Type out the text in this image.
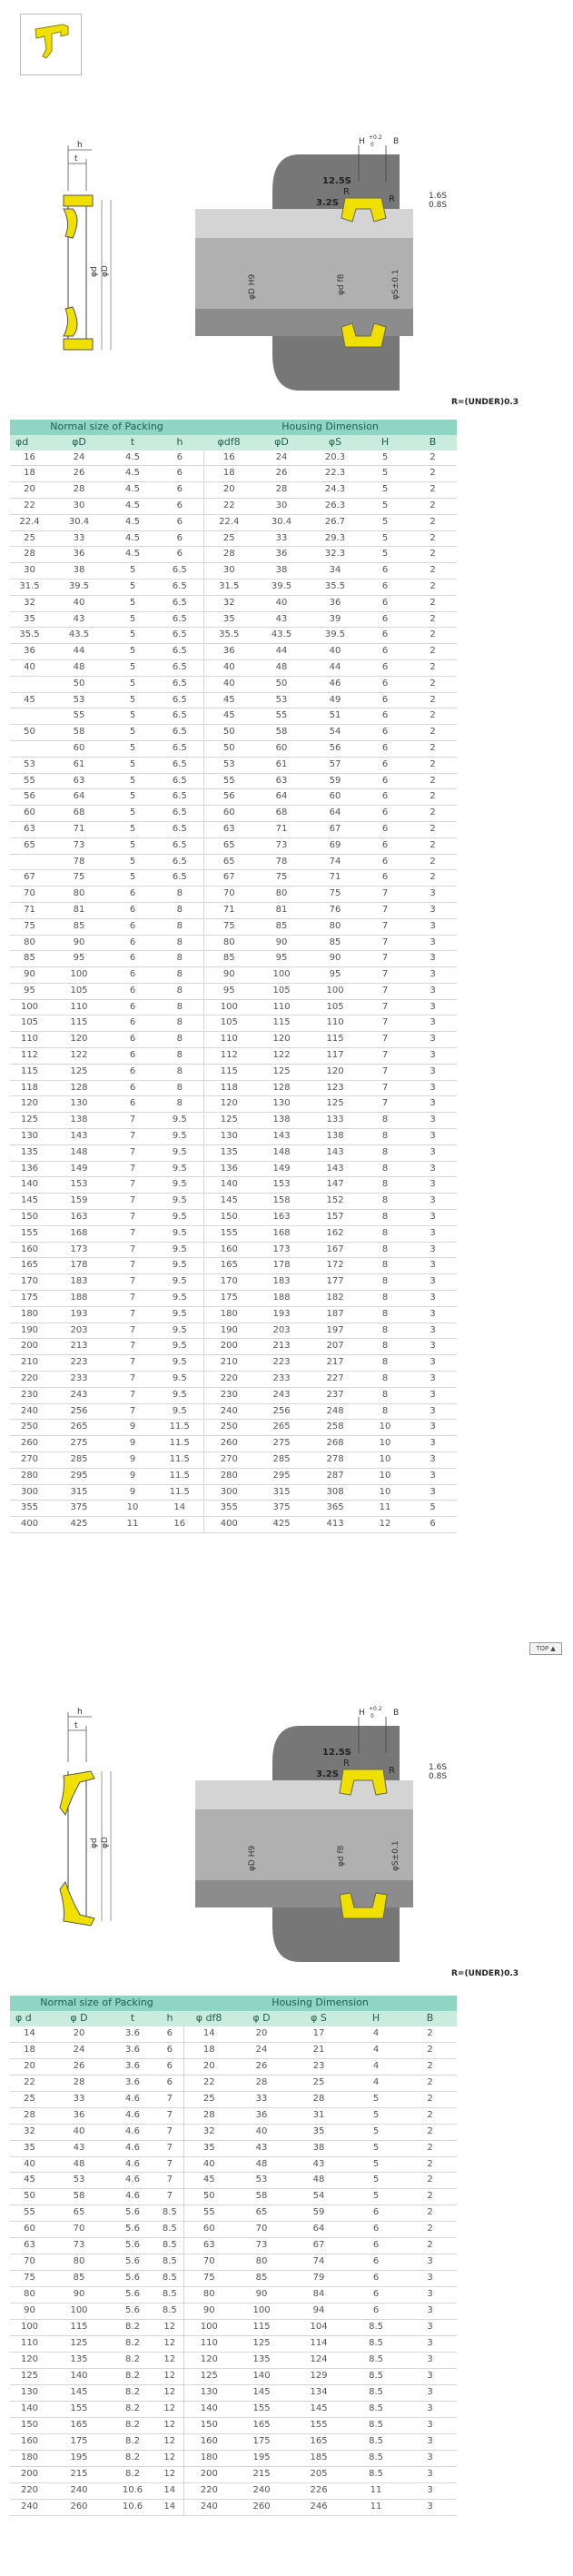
h
t
φd φD
H +0.2
0 B
12.5S
3.2S
R
R	1.6S
0.8S
φD H9	φd f8	φS±0.1
R=(UNDER)0.3
Normal size of Packing				Housing Dimension				
φd	φD	t	h	φdf8	φD	φS	H	B
16	24	4.5	6	16	24	20.3	5	2
18	26	4.5	6	18	26	22.3	5	2
20	28	4.5	6	20	28	24.3	5	2
22	30	4.5	6	22	30	26.3	5	2
22.4	30.4	4.5	6	22.4	30.4	26.7	5	2
25	33	4.5	6	25	33	29.3	5	2
28	36	4.5	6	28	36	32.3	5	2
30	38	5	6.5	30	38	34	6	2
31.5	39.5	5	6.5	31.5	39.5	35.5	6	2
32	40	5	6.5	32	40	36	6	2
35	43	5	6.5	35	43	39	6	2
35.5	43.5	5	6.5	35.5	43.5	39.5	6	2
36	44	5	6.5	36	44	40	6	2
40	48	5	6.5	40	48	44	6	2
	50	5	6.5	40	50	46	6	2
45	53	5	6.5	45	53	49	6	2
	55	5	6.5	45	55	51	6	2
50	58	5	6.5	50	58	54	6	2
	60	5	6.5	50	60	56	6	2
53	61	5	6.5	53	61	57	6	2
55	63	5	6.5	55	63	59	6	2
56	64	5	6.5	56	64	60	6	2
60	68	5	6.5	60	68	64	6	2
63	71	5	6.5	63	71	67	6	2
65	73	5	6.5	65	73	69	6	2
	78	5	6.5	65	78	74	6	2
67	75	5	6.5	67	75	71	6	2
70	80	6	8	70	80	75	7	3
71	81	6	8	71	81	76	7	3
75	85	6	8	75	85	80	7	3
80	90	6	8	80	90	85	7	3
85	95	6	8	85	95	90	7	3
90	100	6	8	90	100	95	7	3
95	105	6	8	95	105	100	7	3
100	110	6	8	100	110	105	7	3
105	115	6	8	105	115	110	7	3
110	120	6	8	110	120	115	7	3
112	122	6	8	112	122	117	7	3
115	125	6	8	115	125	120	7	3
118	128	6	8	118	128	123	7	3
120	130	6	8	120	130	125	7	3
125	138	7	9.5	125	138	133	8	3
130	143	7	9.5	130	143	138	8	3
135	148	7	9.5	135	148	143	8	3
136	149	7	9.5	136	149	143	8	3
140	153	7	9.5	140	153	147	8	3
145	159	7	9.5	145	158	152	8	3
150	163	7	9.5	150	163	157	8	3
155	168	7	9.5	155	168	162	8	3
160	173	7	9.5	160	173	167	8	3
165	178	7	9.5	165	178	172	8	3
170	183	7	9.5	170	183	177	8	3
175	188	7	9.5	175	188	182	8	3
180	193	7	9.5	180	193	187	8	3
190	203	7	9.5	190	203	197	8	3
200	213	7	9.5	200	213	207	8	3
210	223	7	9.5	210	223	217	8	3
220	233	7	9.5	220	233	227	8	3
230	243	7	9.5	230	243	237	8	3
240	256	7	9.5	240	256	248	8	3
250	265	9	11.5	250	265	258	10	3
260	275	9	11.5	260	275	268	10	3
270	285	9	11.5	270	285	278	10	3
280	295	9	11.5	280	295	287	10	3
300	315	9	11.5	300	315	308	10	3
355	375	10	14	355	375	365	11	5
400	425	11	16	400	425	413	12	6
TOP ▲
h
t
φd φD
H +0.2
0 B
12.5S
3.2S
R
R	1.6S
0.8S
φD H9	φd f8	φS±0.1
R=(UNDER)0.3
Normal size of Packing				Housing Dimension				
φ d	φ D	t	h	φ df8	φ D	φ S	H	B
14	20	3.6	6	14	20	17	4	2
18	24	3.6	6	18	24	21	4	2
20	26	3.6	6	20	26	23	4	2
22	28	3.6	6	22	28	25	4	2
25	33	4.6	7	25	33	28	5	2
28	36	4.6	7	28	36	31	5	2
32	40	4.6	7	32	40	35	5	2
35	43	4.6	7	35	43	38	5	2
40	48	4.6	7	40	48	43	5	2
45	53	4.6	7	45	53	48	5	2
50	58	4.6	7	50	58	54	5	2
55	65	5.6	8.5	55	65	59	6	2
60	70	5.6	8.5	60	70	64	6	2
63	73	5.6	8.5	63	73	67	6	2
70	80	5.6	8.5	70	80	74	6	3
75	85	5.6	8.5	75	85	79	6	3
80	90	5.6	8.5	80	90	84	6	3
90	100	5.6	8.5	90	100	94	6	3
100	115	8.2	12	100	115	104	8.5	3
110	125	8.2	12	110	125	114	8.5	3
120	135	8.2	12	120	135	124	8.5	3
125	140	8.2	12	125	140	129	8.5	3
130	145	8.2	12	130	145	134	8.5	3
140	155	8.2	12	140	155	145	8.5	3
150	165	8.2	12	150	165	155	8.5	3
160	175	8.2	12	160	175	165	8.5	3
180	195	8.2	12	180	195	185	8.5	3
200	215	8.2	12	200	215	205	8.5	3
220	240	10.6	14	220	240	226	11	3
240	260	10.6	14	240	260	246	11	3
